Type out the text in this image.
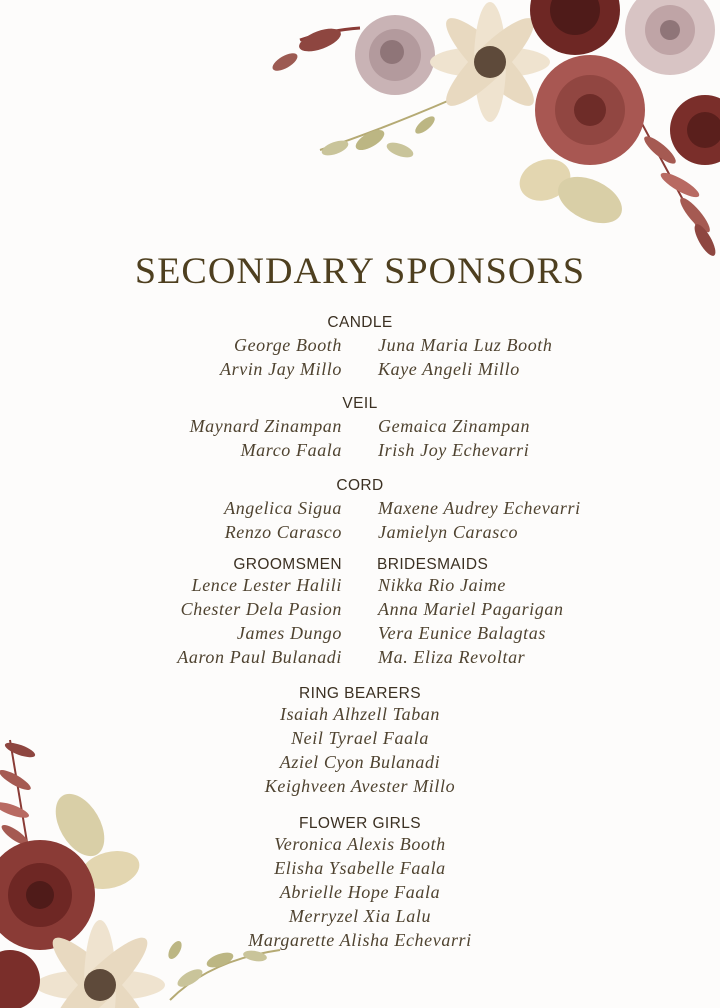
SECONDARY SPONSORS
CANDLE
George Booth Juna Maria Luz Booth
Arvin Jay Millo Kaye Angeli Millo
VEIL
Maynard Zinampan Gemaica Zinampan
Marco Faala Irish Joy Echevarri
CORD
Angelica Sigua Maxene Audrey Echevarri
Renzo Carasco Jamielyn Carasco
GROOMSMEN BRIDESMAIDS
Lence Lester Halili Nikka Rio Jaime
Chester Dela Pasion Anna Mariel Pagarigan
James Dungo Vera Eunice Balagtas
Aaron Paul Bulanadi Ma. Eliza Revoltar
RING BEARERS
Isaiah Alhzell Taban
Neil Tyrael Faala
Aziel Cyon Bulanadi
Keighveen Avester Millo
FLOWER GIRLS
Veronica Alexis Booth
Elisha Ysabelle Faala
Abrielle Hope Faala
Merryzel Xia Lalu
Margarette Alisha Echevarri
